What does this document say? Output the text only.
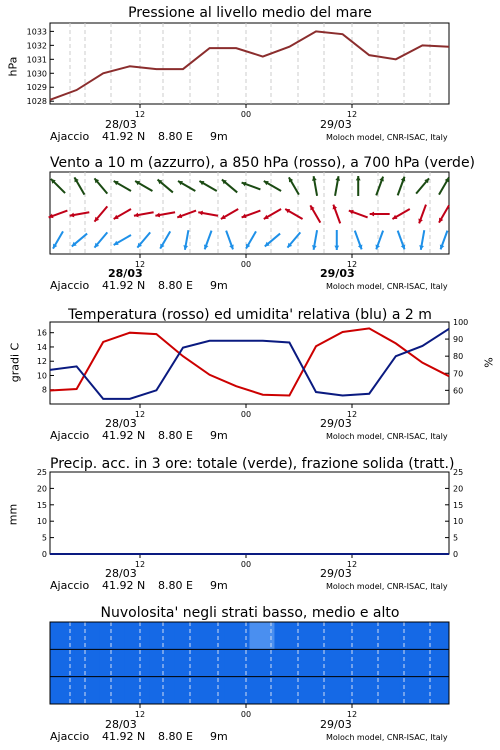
Pressione al livello medio del mare
hPa
1028
1029
1030
1031
1032
1033
12	00	12
28/03	29/03
Ajaccio 41.92 N 8.80 E 9m	Moloch model, CNR-ISAC, Italy
Vento a 10 m (azzurro), a 850 hPa (rosso), a 700 hPa (verde)
12	00	12
28/03	29/03
Ajaccio 41.92 N 8.80 E 9m	Moloch model, CNR-ISAC, Italy
Temperatura (rosso) ed umidita' relativa (blu) a 2 m
gradi C	%
8
10
12
14
16
60
70
80
90
100
12	00	12
28/03	29/03
Ajaccio 41.92 N 8.80 E 9m	Moloch model, CNR-ISAC, Italy
Precip. acc. in 3 ore: totale (verde), frazione solida (tratt.)
mm
0
5
10
15
20
25
0
5
10
15
20
25
12	00	12
28/03	29/03
Ajaccio 41.92 N 8.80 E 9m	Moloch model, CNR-ISAC, Italy
Nuvolosita' negli strati basso, medio e alto
12	00	12
28/03	29/03
Ajaccio 41.92 N 8.80 E 9m	Moloch model, CNR-ISAC, Italy
